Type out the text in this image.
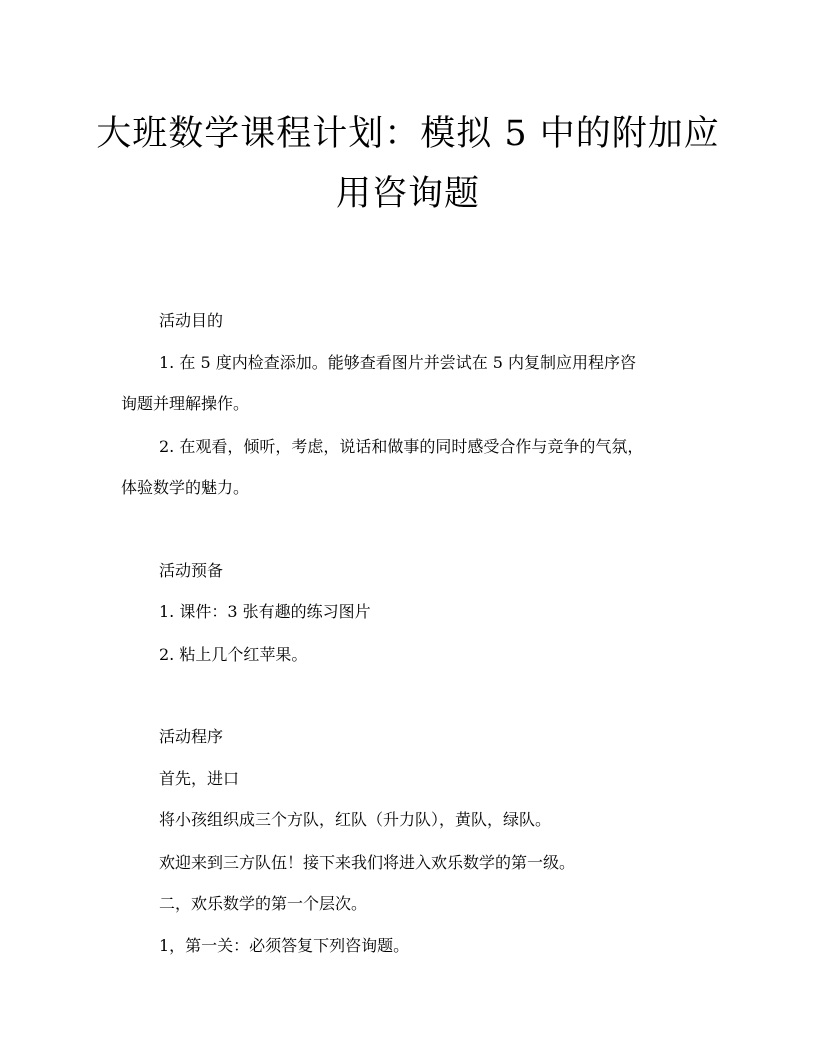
大班数学课程计划：模拟 5 中的附加应
用咨询题

活动目的

1. 在 5 度内检查添加。能够查看图片并尝试在 5 内复制应用程序咨

询题并理解操作。

2. 在观看，倾听，考虑，说话和做事的同时感受合作与竞争的气氛，

体验数学的魅力。

活动预备

1. 课件：3 张有趣的练习图片

2. 粘上几个红苹果。

活动程序

首先，进口

将小孩组织成三个方队，红队（升力队），黄队，绿队。

欢迎来到三方队伍！接下来我们将进入欢乐数学的第一级。

二，欢乐数学的第一个层次。

1，第一关：必须答复下列咨询题。
